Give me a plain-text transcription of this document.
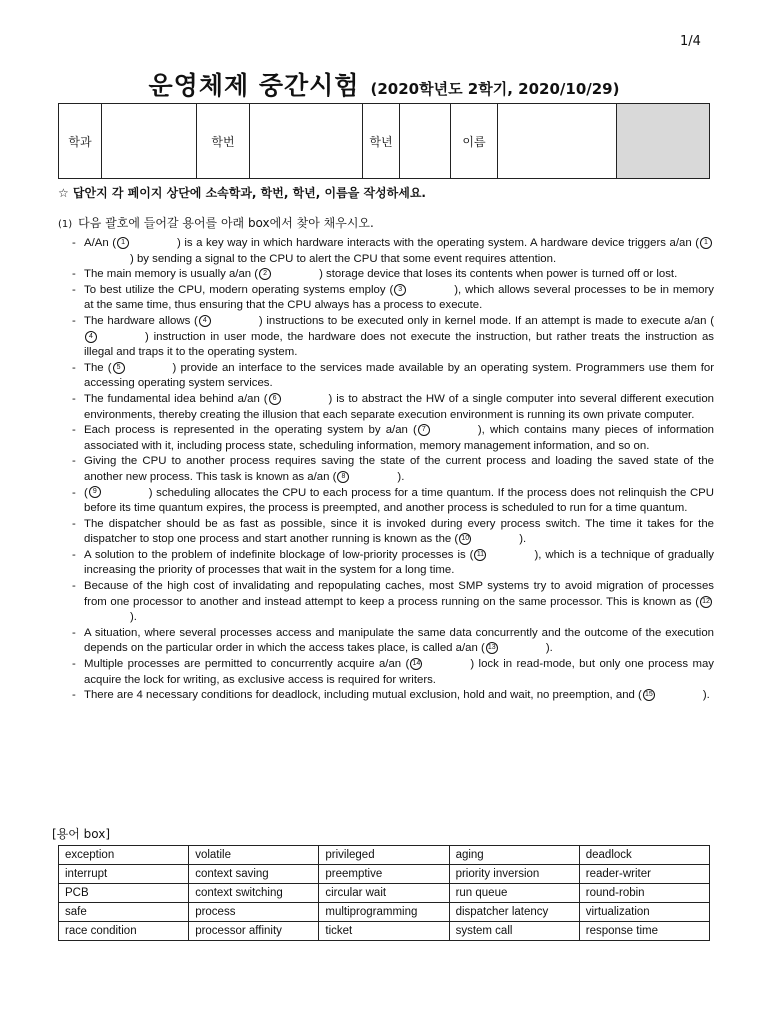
1/4
운영체제 중간시험 (2020학년도 2학기, 2020/10/29)
학과		학번		학년		이름		
☆ 답안지 각 페이지 상단에 소속학과, 학번, 학년, 이름을 작성하세요.
(1) 다음 괄호에 들어갈 용어를 아래 box에서 찾아 채우시오.
- A/An ( 1	) is a key way in which hardware interacts with the operating system. A hardware device triggers a/an ( 1) by sending a signal to the CPU to alert the CPU that some event requires attention.
- The main memory is usually a/an ( 2	) storage device that loses its contents when power is turned off or lost.
- To best utilize the CPU, modern operating systems employ ( 3	), which allows several processes to be in memory at the same time, thus ensuring that the CPU always has a process to execute.
- The hardware allows ( 4	) instructions to be executed only in kernel mode. If an attempt is made to execute a/an (4	) instruction in user mode, the hardware does not execute the instruction, but rather treats the instruction as illegal and traps it to the operating system.
- The ( 5	) provide an interface to the services made available by an operating system. Programmers use them for accessing operating system services.
- The fundamental idea behind a/an ( 6	) is to abstract the HW of a single computer into several different execution environments, thereby creating the illusion that each separate execution environment is running its own private computer.
- Each process is represented in the operating system by a/an ( 7	), which contains many pieces of information associated with it, including process state, scheduling information, memory management information, and so on.
- Giving the CPU to another process requires saving the state of the current process and loading the saved state of the another new process. This task is known as a/an ( 8	).
- ( 9	) scheduling allocates the CPU to each process for a time quantum. If the process does not relinquish the CPU before its time quantum expires, the process is preempted, and another process is scheduled to run for a time quantum.
- The dispatcher should be as fast as possible, since it is invoked during every process switch. The time it takes for the dispatcher to stop one process and start another running is known as the ( 10	).
- A solution to the problem of indefinite blockage of low-priority processes is ( 11	), which is a technique of gradually increasing the priority of processes that wait in the system for a long time.
- Because of the high cost of invalidating and repopulating caches, most SMP systems try to avoid migration of processes from one processor to another and instead attempt to keep a process running on the same processor. This is known as ( 12).
- A situation, where several processes access and manipulate the same data concurrently and the outcome of the execution depends on the particular order in which the access takes place, is called a/an ( 13	).
- Multiple processes are permitted to concurrently acquire a/an ( 14	) lock in read-mode, but only one process may acquire the lock for writing, as exclusive access is required for writers.
- There are 4 necessary conditions for deadlock, including mutual exclusion, hold and wait, no preemption, and ( 15	).
[용어 box]
exception	volatile	privileged	aging	deadlock
interrupt	context saving	preemptive	priority inversion	reader-writer
PCB	context switching	circular wait	run queue	round-robin
safe	process	multiprogramming	dispatcher latency	virtualization
race condition	processor affinity	ticket	system call	response time
